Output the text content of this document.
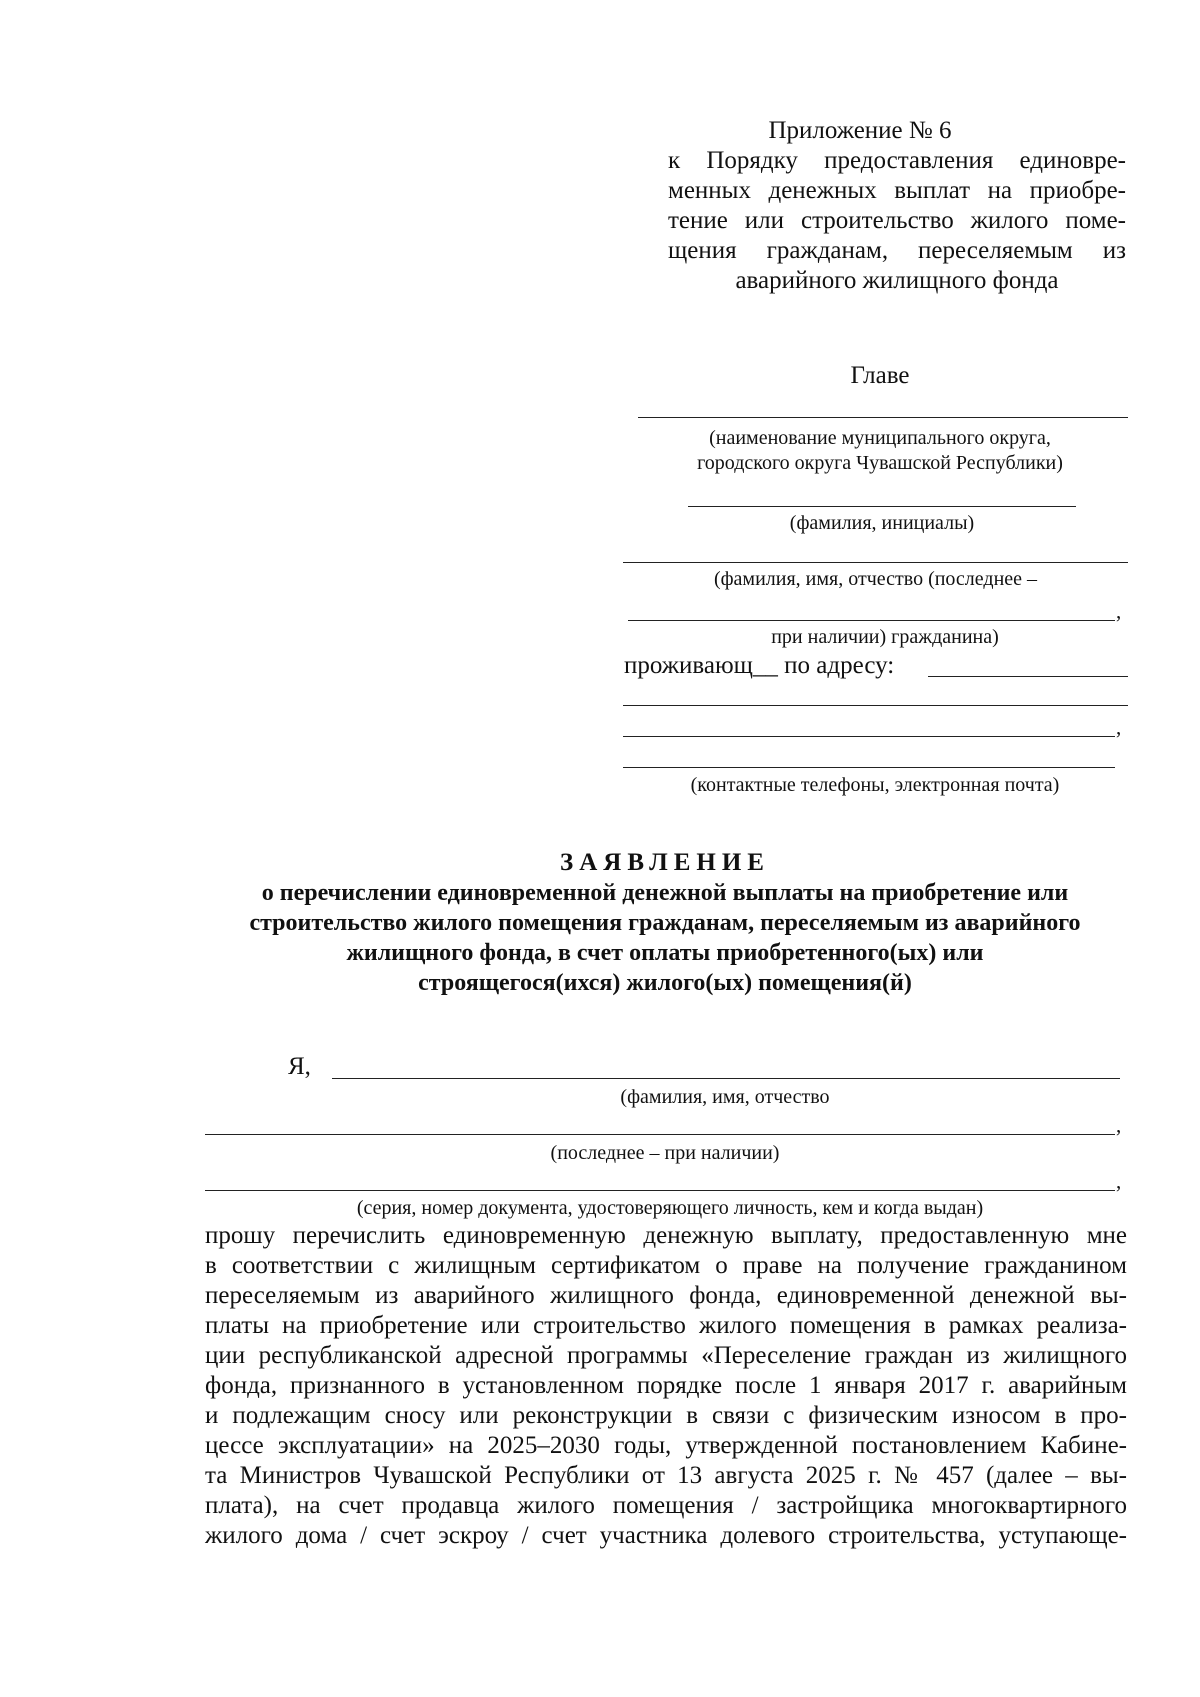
Приложение № 6
к Порядку предоставления единовре-
менных денежных выплат на приобре-
тение или строительство жилого поме-
щения гражданам, переселяемым из
аварийного жилищного фонда
Главе
(наименование муниципального округа,
городского округа Чувашской Республики)
(фамилия, инициалы)
(фамилия, имя, отчество (последнее –
,
при наличии) гражданина)
проживающ__ по адресу:
,
(контактные телефоны, электронная почта)
ЗАЯВЛЕНИЕ
о перечислении единовременной денежной выплаты на приобретение или
строительство жилого помещения гражданам, переселяемым из аварийного
жилищного фонда, в счет оплаты приобретенного(ых) или
строящегося(ихся) жилого(ых) помещения(й)
Я,
(фамилия, имя, отчество
,
(последнее – при наличии)
,
(серия, номер документа, удостоверяющего личность, кем и когда выдан)
прошу перечислить единовременную денежную выплату, предоставленную мне
в соответствии с жилищным сертификатом о праве на получение гражданином
переселяемым из аварийного жилищного фонда, единовременной денежной вы-
платы на приобретение или строительство жилого помещения в рамках реализа-
ции республиканской адресной программы «Переселение граждан из жилищного
фонда, признанного в установленном порядке после 1 января 2017 г. аварийным
и подлежащим сносу или реконструкции в связи с физическим износом в про-
цессе эксплуатации» на 2025–2030 годы, утвержденной постановлением Кабине-
та Министров Чувашской Республики от 13 августа 2025 г. № 457 (далее – вы-
плата), на счет продавца жилого помещения / застройщика многоквартирного
жилого дома / счет эскроу / счет участника долевого строительства, уступающе-
